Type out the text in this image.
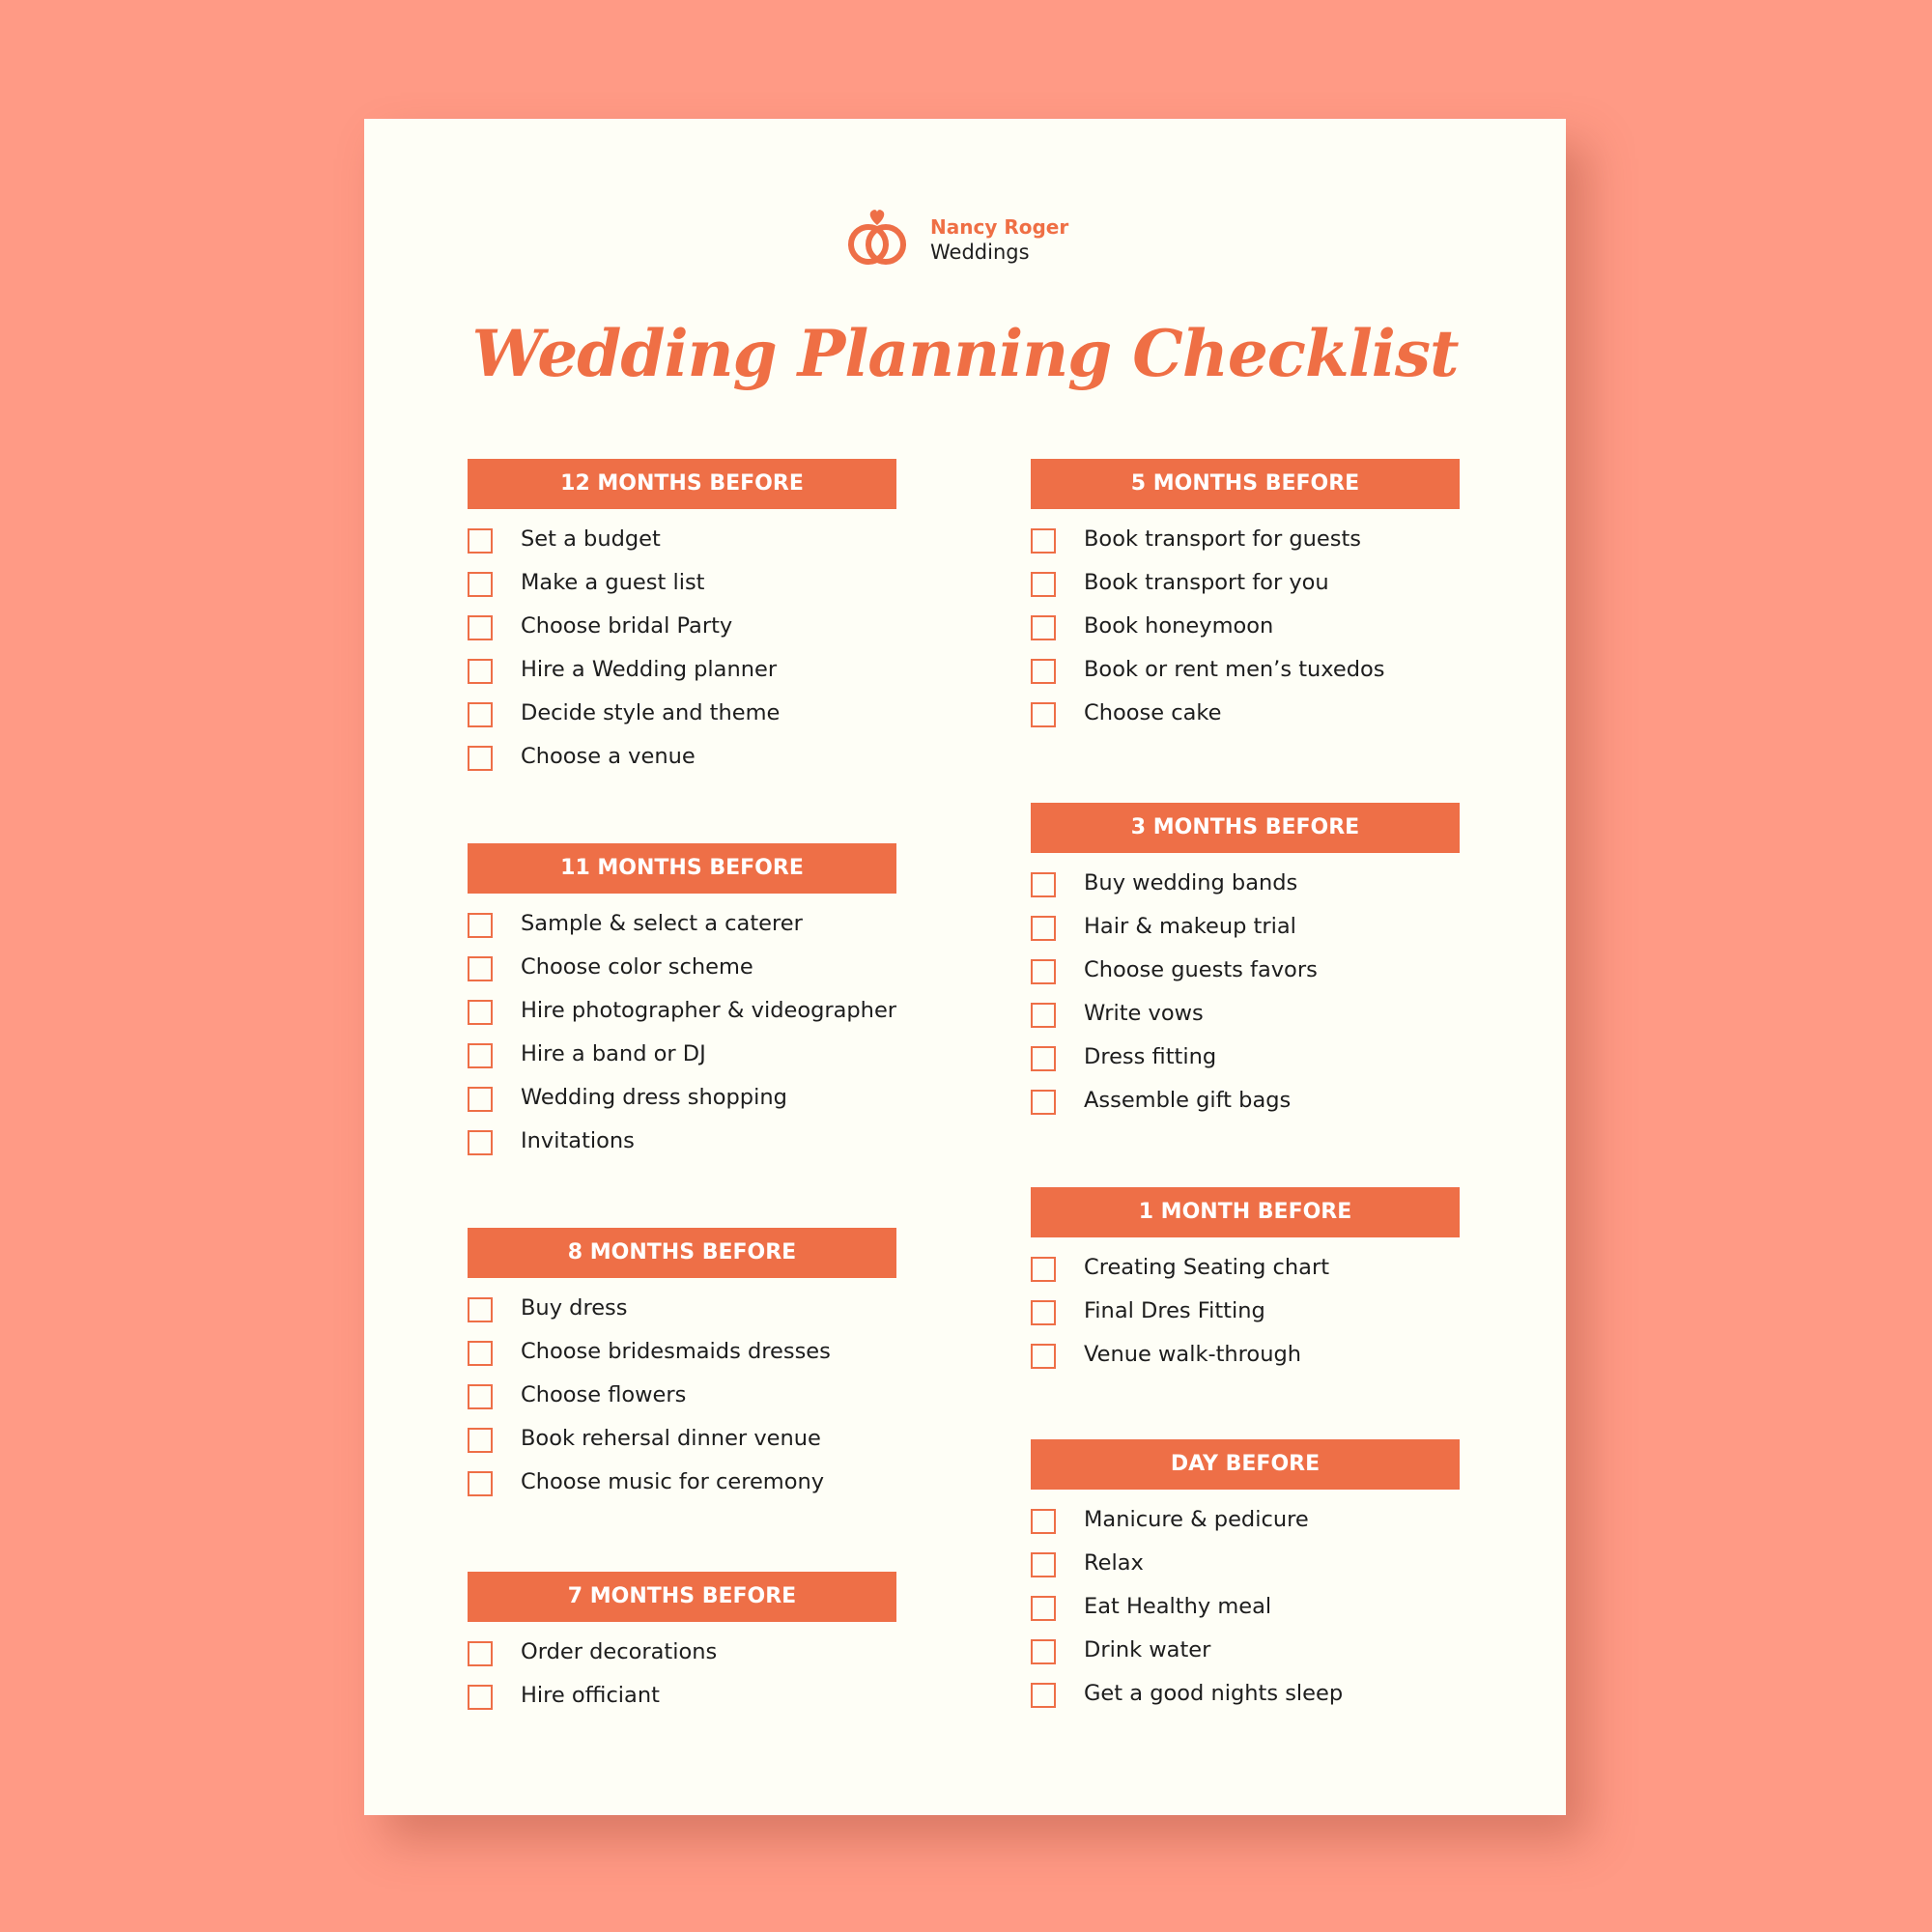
Nancy Roger
Weddings
Wedding Planning Checklist
12 MONTHS BEFORE
Set a budget
Make a guest list
Choose bridal Party
Hire a Wedding planner
Decide style and theme
Choose a venue
11 MONTHS BEFORE
Sample & select a caterer
Choose color scheme
Hire photographer & videographer
Hire a band or DJ
Wedding dress shopping
Invitations
8 MONTHS BEFORE
Buy dress
Choose bridesmaids dresses
Choose flowers
Book rehersal dinner venue
Choose music for ceremony
7 MONTHS BEFORE
Order decorations
Hire officiant
5 MONTHS BEFORE
Book transport for guests
Book transport for you
Book honeymoon
Book or rent men’s tuxedos
Choose cake
3 MONTHS BEFORE
Buy wedding bands
Hair & makeup trial
Choose guests favors
Write vows
Dress fitting
Assemble gift bags
1 MONTH BEFORE
Creating Seating chart
Final Dres Fitting
Venue walk-through
DAY BEFORE
Manicure & pedicure
Relax
Eat Healthy meal
Drink water
Get a good nights sleep
